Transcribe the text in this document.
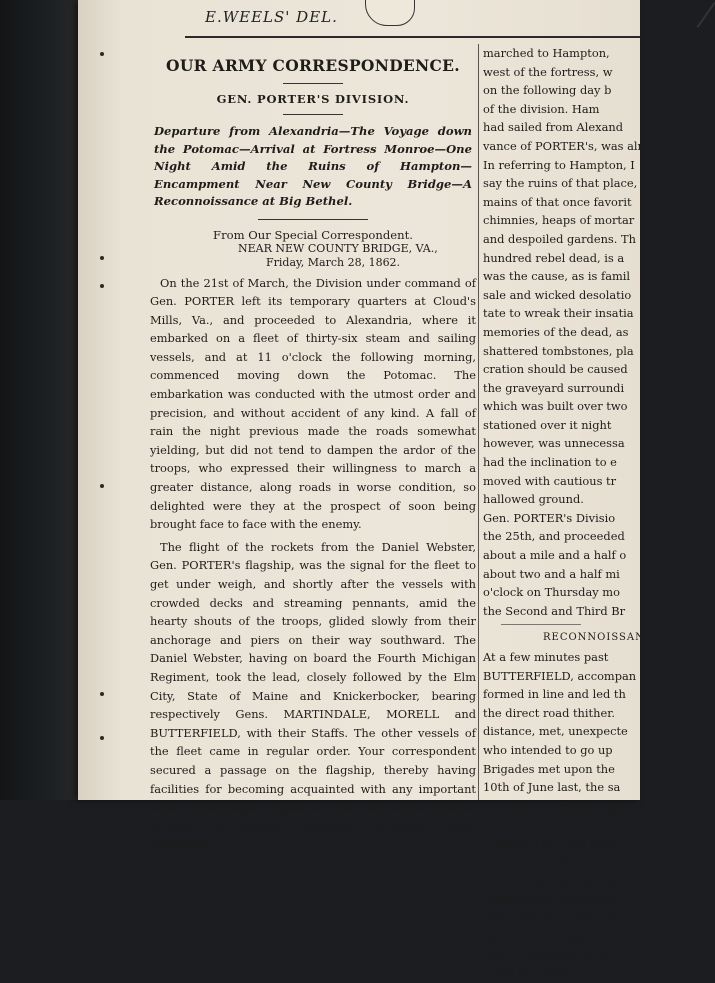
E.WEELS' DEL.
OUR ARMY CORRESPONDENCE.
GEN. PORTER'S DIVISION.
Departure from Alexandria—The Voyage down the Potomac—Arrival at Fortress Monroe—One Night Amid the Ruins of Hampton—Encampment Near New County Bridge—A Reconnoissance at Big Bethel.
From Our Special Correspondent.
NEAR NEW COUNTY BRIDGE, VA.,
Friday, March 28, 1862.

On the 21st of March, the Division under command of Gen. PORTER left its temporary quarters at Cloud's Mills, Va., and proceeded to Alexandria, where it embarked on a fleet of thirty-six steam and sailing vessels, and at 11 o'clock the following morning, commenced moving down the Potomac. The embarkation was conducted with the utmost order and precision, and without accident of any kind. A fall of rain the night previous made the roads somewhat yielding, but did not tend to dampen the ardor of the troops, who expressed their willingness to march a greater distance, along roads in worse condition, so delighted were they at the prospect of soon being brought face to face with the enemy.

The flight of the rockets from the Daniel Webster, Gen. PORTER's flagship, was the signal for the fleet to get under weigh, and shortly after the vessels with crowded decks and streaming pennants, amid the hearty shouts of the troops, glided slowly from their anchorage and piers on their way southward. The Daniel Webster, having on board the Fourth Michigan Regiment, took the lead, closely followed by the Elm City, State of Maine and Knickerbocker, bearing respectively Gens. MARTINDALE, MORELL and BUTTERFIELD, with their Staffs. The other vessels of the fleet came in regular order. Your correspondent secured a passage on the flagship, thereby having facilities for becoming acquainted with any important event which might happen on board any of the vessels. Nothing of moment, however, occurred. Some uneasiness

marched to Hampton,
west of the fortress, w
on the following day b
of the division. Ham
had sailed from Alexand
vance of PORTER's, was alre
In referring to Hampton, I
say the ruins of that place,
mains of that once favorit
chimnies, heaps of mortar
and despoiled gardens. Th
hundred rebel dead, is a
was the cause, as is famil
sale and wicked desolatio
tate to wreak their insatia
memories of the dead, as
shattered tombstones, pla
cration should be caused
the graveyard surroundi
which was built over two
stationed over it night
however, was unnecessa
had the inclination to e
moved with cautious tr
hallowed ground.
Gen. PORTER's Divisio
the 25th, and proceeded
about a mile and a half o
about two and a half mi
o'clock on Thursday mo
the Second and Third Br
RECONNOISSANC
At a few minutes past
BUTTERFIELD, accompan
formed in line and led th
the direct road thither.
distance, met, unexpecte
who intended to go up
Brigades met upon the
10th of June last, the sa
between two Union regi
every precaution had b
disaster. Here the brigs
the road leading to the
forward as originally pl
skirmishers, composed o
Sharpshooters, who we
Seventeenth Regiment
line of skirmishers fro
came the other
